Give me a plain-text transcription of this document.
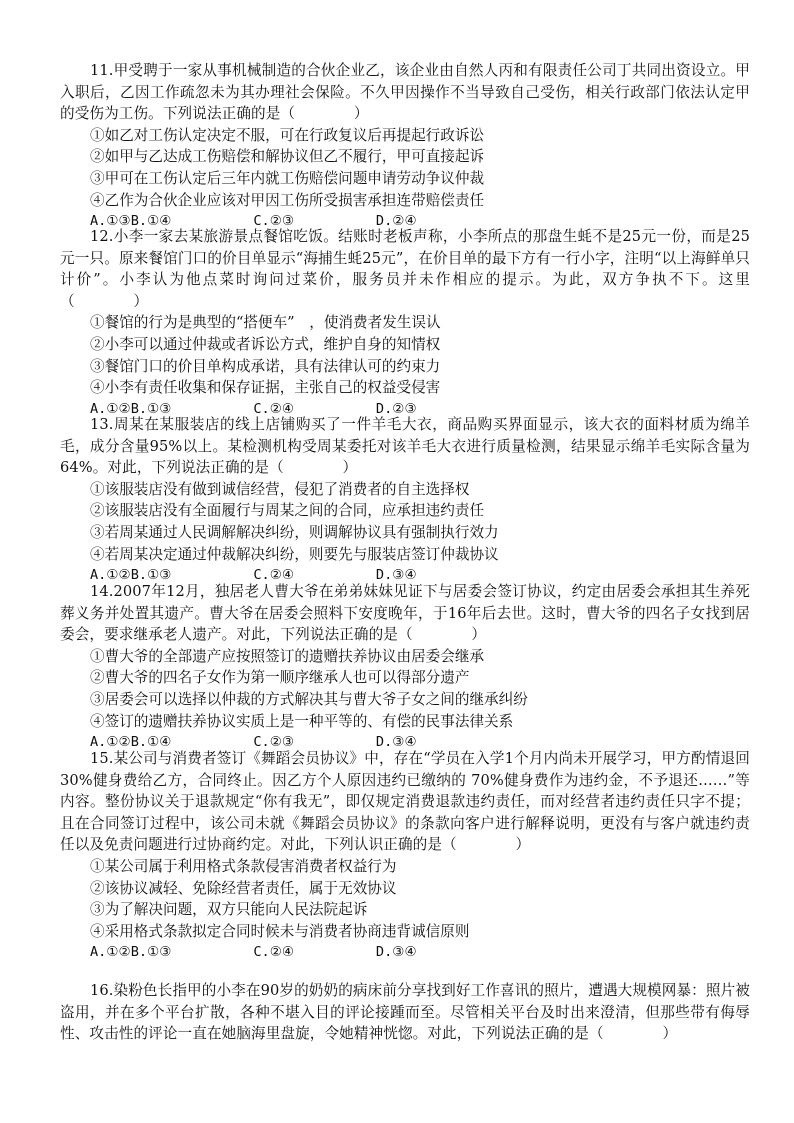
11.甲受聘于一家从事机械制造的合伙企业乙，该企业由自然人丙和有限责任公司丁共同出资设立。甲入职后，乙因工作疏忽未为其办理社会保险。不久甲因操作不当导致自己受伤，相关行政部门依法认定甲的受伤为工伤。下列说法正确的是（　　　　）

①如乙对工伤认定决定不服，可在行政复议后再提起行政诉讼

②如甲与乙达成工伤赔偿和解协议但乙不履行，甲可直接起诉

③甲可在工伤认定后三年内就工伤赔偿问题申请劳动争议仲裁

④乙作为合伙企业应该对甲因工伤所受损害承担连带赔偿责任

A.①③B.①④          C.②③          D.②④

12.小李一家去某旅游景点餐馆吃饭。结账时老板声称，小李所点的那盘生蚝不是25元一份，而是25元一只。原来餐馆门口的价目单显示“海捕生蚝25元”，在价目单的最下方有一行小字，注明“以上海鲜单只计价”。小李认为他点菜时询问过菜价，服务员并未作相应的提示。为此，双方争执不下。这里（　　　　）

①餐馆的行为是典型的“搭便车”　，使消费者发生误认

②小李可以通过仲裁或者诉讼方式，维护自身的知情权

③餐馆门口的价目单构成承诺，具有法律认可的约束力

④小李有责任收集和保存证据，主张自己的权益受侵害

A.①②B.①③          C.②④          D.②③

13.周某在某服装店的线上店铺购买了一件羊毛大衣，商品购买界面显示，该大衣的面料材质为绵羊毛，成分含量95%以上。某检测机构受周某委托对该羊毛大衣进行质量检测，结果显示绵羊毛实际含量为64%。对此，下列说法正确的是（　　　　）

①该服装店没有做到诚信经营，侵犯了消费者的自主选择权

②该服装店没有全面履行与周某之间的合同，应承担违约责任

③若周某通过人民调解解决纠纷，则调解协议具有强制执行效力

④若周某决定通过仲裁解决纠纷，则要先与服装店签订仲裁协议

A.①②B.①③          C.②④          D.③④

14.2007年12月，独居老人曹大爷在弟弟妹妹见证下与居委会签订协议，约定由居委会承担其生养死葬义务并处置其遗产。曹大爷在居委会照料下安度晚年，于16年后去世。这时，曹大爷的四名子女找到居委会，要求继承老人遗产。对此，下列说法正确的是（　　　　）

①曹大爷的全部遗产应按照签订的遗赠扶养协议由居委会继承

②曹大爷的四名子女作为第一顺序继承人也可以得部分遗产

③居委会可以选择以仲裁的方式解决其与曹大爷子女之间的继承纠纷

④签订的遗赠扶养协议实质上是一种平等的、有偿的民事法律关系

A.①②B.①④          C.②③          D.③④

15.某公司与消费者签订《舞蹈会员协议》中，存在“学员在入学1个月内尚未开展学习，甲方酌情退回 30%健身费给乙方，合同终止。因乙方个人原因违约已缴纳的 70%健身费作为违约金，不予退还……”等内容。整份协议关于退款规定“你有我无”，即仅规定消费退款违约责任，而对经营者违约责任只字不提；且在合同签订过程中，该公司未就《舞蹈会员协议》的条款向客户进行解释说明，更没有与客户就违约责任以及免责问题进行过协商约定。对此，下列认识正确的是（　　　　）

①某公司属于利用格式条款侵害消费者权益行为

②该协议减轻、免除经营者责任，属于无效协议

③为了解决问题，双方只能向人民法院起诉

④采用格式条款拟定合同时候未与消费者协商违背诚信原则

A.①②B.①③          C.②④          D.③④

16.染粉色长指甲的小李在90岁的奶奶的病床前分享找到好工作喜讯的照片，遭遇大规模网暴：照片被盗用，并在多个平台扩散，各种不堪入目的评论接踵而至。尽管相关平台及时出来澄清，但那些带有侮辱性、攻击性的评论一直在她脑海里盘旋，令她精神恍惚。对此，下列说法正确的是（　　　　）
